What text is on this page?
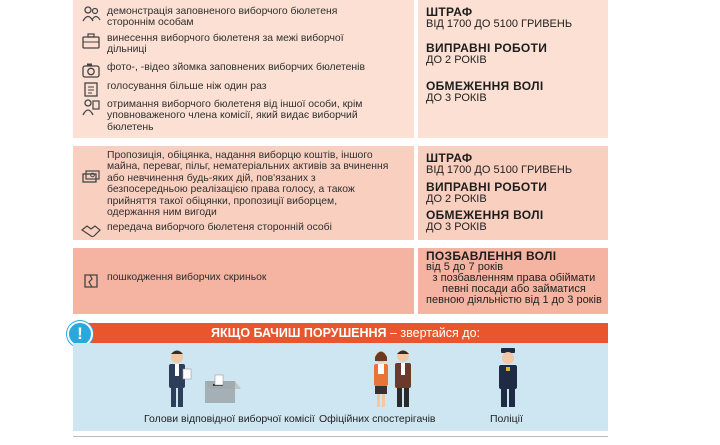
демонстрація заповненого виборчого бюлетеня
стороннім особам
винесення виборчого бюлетеня за межі виборчої
дільниці
фото-, -відео зйомка заповнених виборчих бюлетенів
голосування більше ніж один раз
отримання виборчого бюлетеня від іншої особи, крім
уповноваженого члена комісії, який видає виборчий
бюлетень
ШТРАФ
ВІД 1700 ДО 5100 ГРИВЕНЬ
ВИПРАВНІ РОБОТИ
ДО 2 РОКІВ
ОБМЕЖЕННЯ ВОЛІ
ДО 3 РОКІВ
Пропозиція, обіцянка, надання виборцю коштів, іншого
майна, переваг, пільг, нематеріальних активів за вчинення
або невчинення будь-яких дій, пов'язаних з
безпосередньою реалізацією права голосу, а також
прийняття такої обіцянки, пропозиції виборцем,
одержання ним вигоди
передача виборчого бюлетеня сторонній особі
ШТРАФ
ВІД 1700 ДО 5100 ГРИВЕНЬ
ВИПРАВНІ РОБОТИ
ДО 2 РОКІВ
ОБМЕЖЕННЯ ВОЛІ
ДО 3 РОКІВ
пошкодження виборчих скриньок
ПОЗБАВЛЕННЯ ВОЛІ
від 5 до 7 років
з позбавленням права обіймати
певні посади або займатися
певною діяльністю від 1 до 3 років
ЯКЩО БАЧИШ ПОРУШЕННЯ – звертайся до:
!
Голови відповідної виборчої комісії Офіційних спостерігачів	Поліції
